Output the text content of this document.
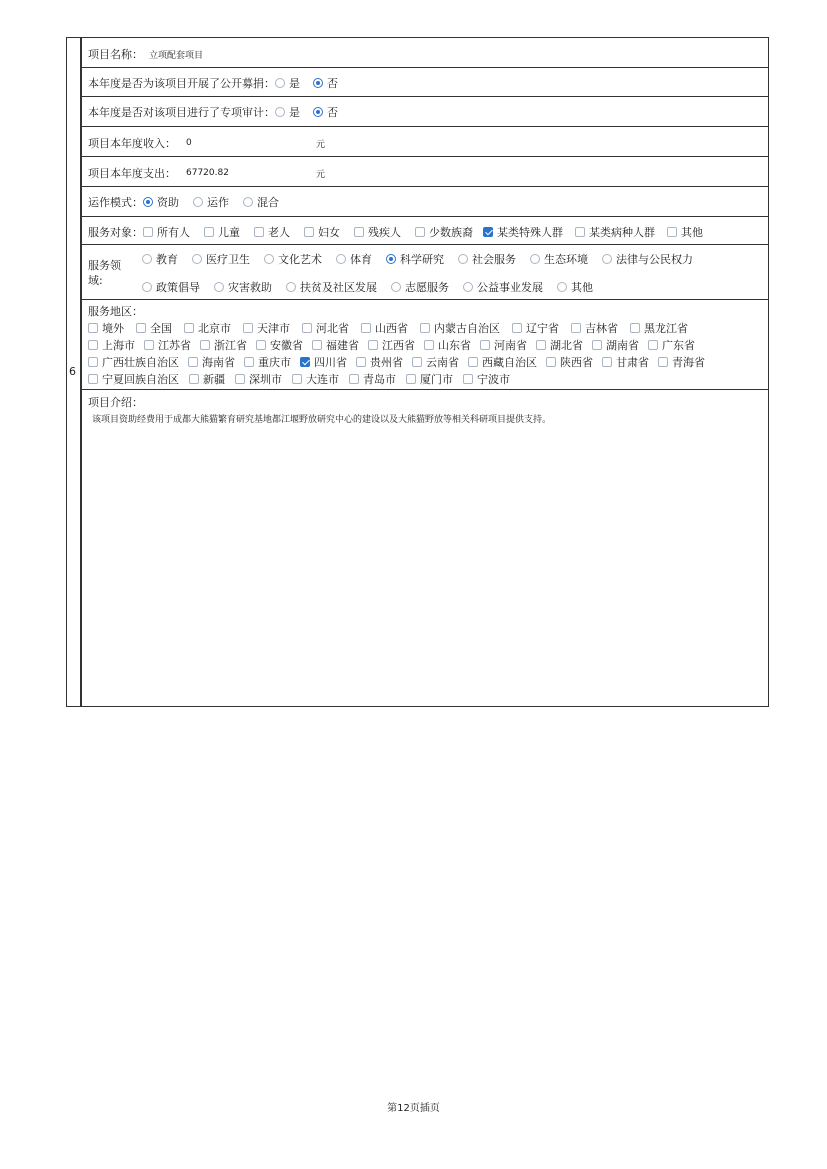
6
项目名称： 立项配套项目
本年度是否为该项目开展了公开募捐： 是 否
本年度是否对该项目进行了专项审计： 是 否
项目本年度收入：	0	元
项目本年度支出：	67720.82	元
运作模式： 资助	运作	混合
服务对象： 所有人	儿童	老人	妇女	残疾人	少数族裔 某类特殊人群 某类病种人群 其他
服务领
域:
教育	医疗卫生	文化艺术	体育	科学研究	社会服务	生态环境	法律与公民权力
政策倡导	灾害救助	扶贫及社区发展	志愿服务	公益事业发展	其他
服务地区：
境外 全国 北京市 天津市 河北省 山西省 内蒙古自治区 辽宁省 吉林省 黑龙江省
上海市 江苏省 浙江省 安徽省 福建省 江西省 山东省 河南省 湖北省 湖南省 广东省
广西壮族自治区 海南省 重庆市 四川省 贵州省 云南省 西藏自治区 陕西省 甘肃省 青海省
宁夏回族自治区 新疆 深圳市 大连市 青岛市 厦门市 宁波市
项目介绍：
该项目资助经费用于成都大熊猫繁育研究基地都江堰野放研究中心的建设以及大熊猫野放等相关科研项目提供支持。
第12页插页
